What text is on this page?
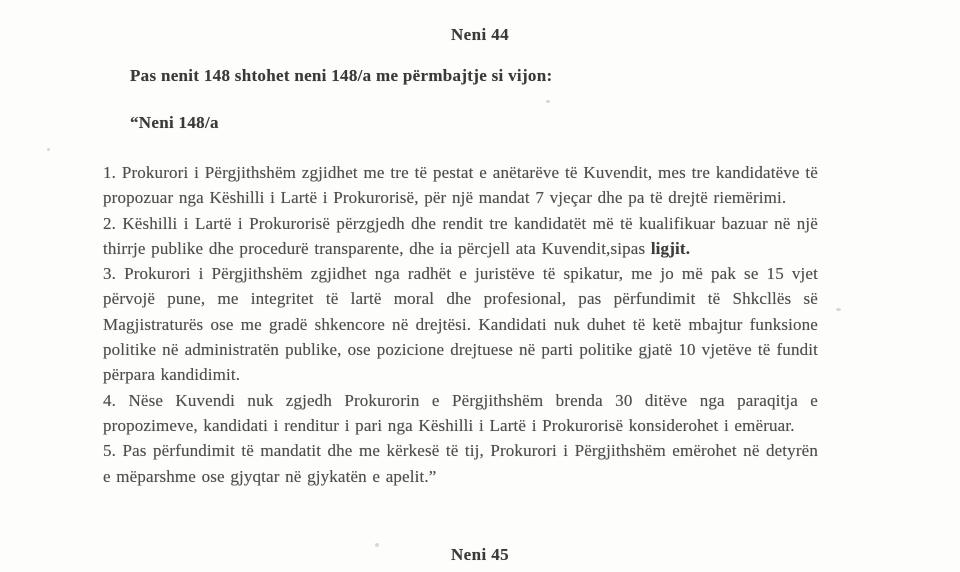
Neni 44
Pas nenit 148 shtohet neni 148/a me përmbajtje si vijon:
“Neni 148/a

1. Prokurori i Përgjithshëm zgjidhet me tre të pestat e anëtarëve të Kuvendit, mes tre kandidatëve të propozuar nga Këshilli i Lartë i Prokurorisë, për një mandat 7 vjeçar dhe pa të drejtë riemërimi.

2. Këshilli i Lartë i Prokurorisë përzgjedh dhe rendit tre kandidatët më të kualifikuar bazuar në një thirrje publike dhe procedurë transparente, dhe ia përcjell ata Kuvendit,sipas ligjit.

3. Prokurori i Përgjithshëm zgjidhet nga radhët e juristëve të spikatur, me jo më pak se 15 vjet përvojë pune, me integritet të lartë moral dhe profesional, pas përfundimit të Shkcllës së Magjistraturës ose me gradë shkencore në drejtësi. Kandidati nuk duhet të ketë mbajtur funksione politike në administratën publike, ose pozicione drejtuese në parti politike gjatë 10 vjetëve të fundit përpara kandidimit.

4. Nëse Kuvendi nuk zgjedh Prokurorin e Përgjithshëm brenda 30 ditëve nga paraqitja e propozimeve, kandidati i renditur i pari nga Këshilli i Lartë i Prokurorisë konsiderohet i emëruar.

5. Pas përfundimit të mandatit dhe me kërkesë të tij, Prokurori i Përgjithshëm emërohet në detyrën e mëparshme ose gjyqtar në gjykatën e apelit.”

Neni 45
